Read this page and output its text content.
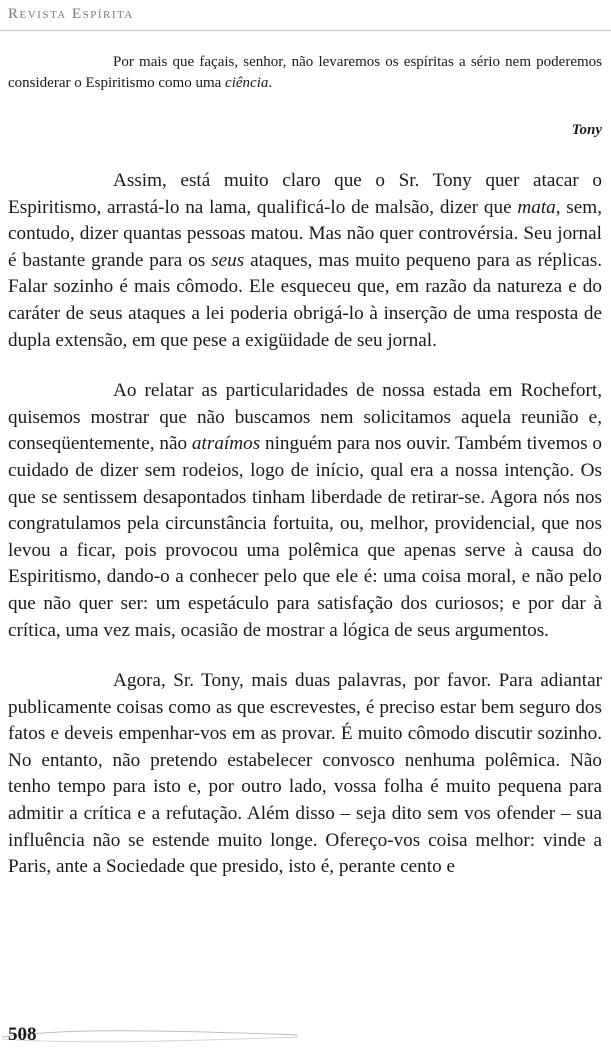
Revista Espírita

Por mais que façais, senhor, não levaremos os espíritas a sério nem poderemos considerar o Espiritismo como uma ciência.

Tony

Assim, está muito claro que o Sr. Tony quer atacar o Espiritismo, arrastá-lo na lama, qualificá-lo de malsão, dizer que mata, sem, contudo, dizer quantas pessoas matou. Mas não quer controvérsia. Seu jornal é bastante grande para os seus ataques, mas muito pequeno para as réplicas. Falar sozinho é mais cômodo. Ele esqueceu que, em razão da natureza e do caráter de seus ataques a lei poderia obrigá-lo à inserção de uma resposta de dupla extensão, em que pese a exigüidade de seu jornal.

Ao relatar as particularidades de nossa estada em Rochefort, quisemos mostrar que não buscamos nem solicitamos aquela reunião e, conseqüentemente, não atraímos ninguém para nos ouvir. Também tivemos o cuidado de dizer sem rodeios, logo de início, qual era a nossa intenção. Os que se sentissem desapontados tinham liberdade de retirar-se. Agora nós nos congratulamos pela circunstância fortuita, ou, melhor, providencial, que nos levou a ficar, pois provocou uma polêmica que apenas serve à causa do Espiritismo, dando-o a conhecer pelo que ele é: uma coisa moral, e não pelo que não quer ser: um espetáculo para satisfação dos curiosos; e por dar à crítica, uma vez mais, ocasião de mostrar a lógica de seus argumentos.

Agora, Sr. Tony, mais duas palavras, por favor. Para adiantar publicamente coisas como as que escrevestes, é preciso estar bem seguro dos fatos e deveis empenhar-vos em as provar. É muito cômodo discutir sozinho. No entanto, não pretendo estabelecer convosco nenhuma polêmica. Não tenho tempo para isto e, por outro lado, vossa folha é muito pequena para admitir a crítica e a refutação. Além disso – seja dito sem vos ofender – sua influência não se estende muito longe. Ofereço-vos coisa melhor: vinde a Paris, ante a Sociedade que presido, isto é, perante cento e

508
